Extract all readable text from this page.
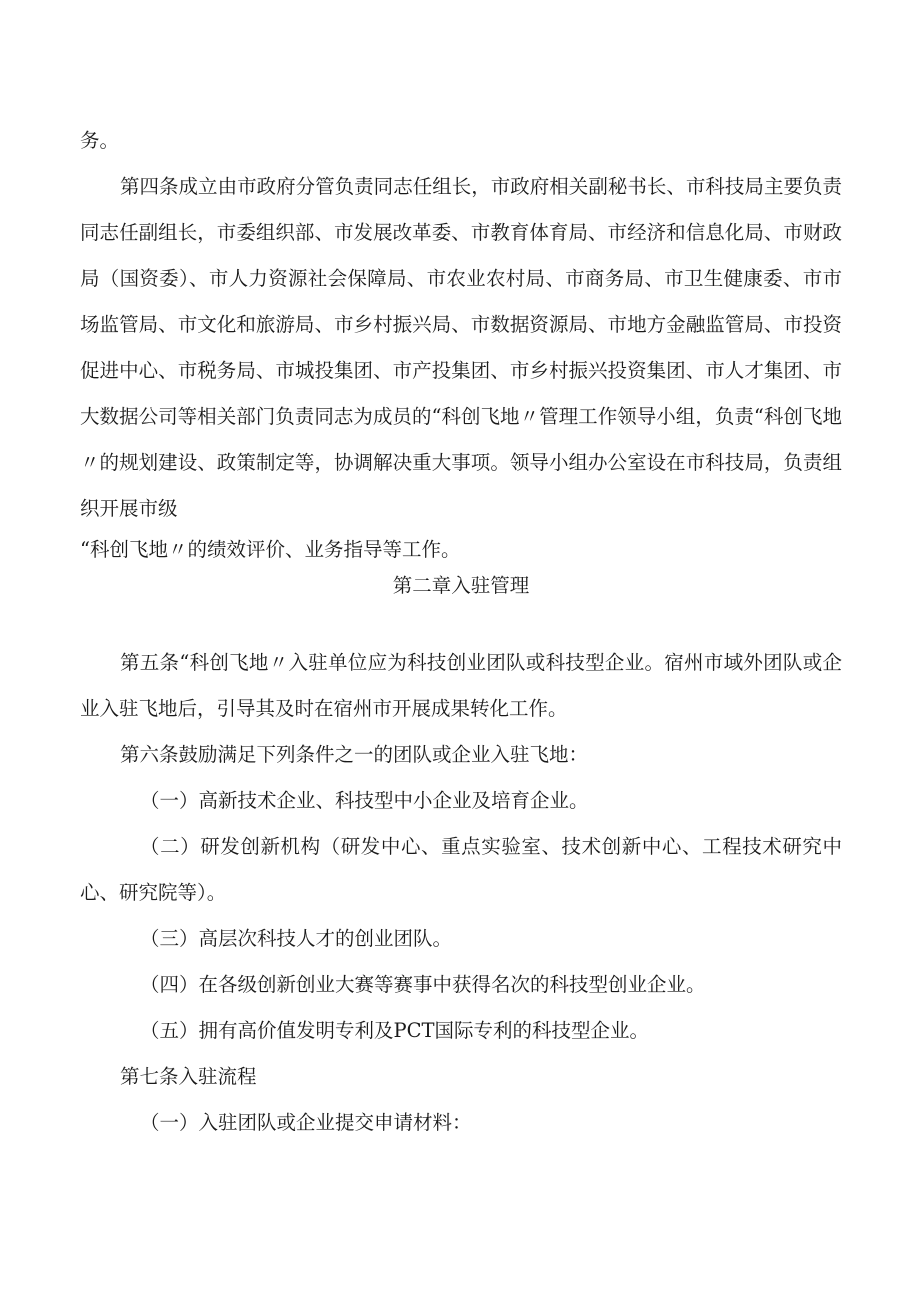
务。

第四条成立由市政府分管负责同志任组长，市政府相关副秘书长、市科技局主要负责同志任副组长，市委组织部、市发展改革委、市教育体育局、市经济和信息化局、市财政局（国资委）、市人力资源社会保障局、市农业农村局、市商务局、市卫生健康委、市市场监管局、市文化和旅游局、市乡村振兴局、市数据资源局、市地方金融监管局、市投资促进中心、市税务局、市城投集团、市产投集团、市乡村振兴投资集团、市人才集团、市大数据公司等相关部门负责同志为成员的“科创飞地〃管理工作领导小组，负责“科创飞地〃的规划建设、政策制定等，协调解决重大事项。领导小组办公室设在市科技局，负责组织开展市级

“科创飞地〃的绩效评价、业务指导等工作。

第二章入驻管理

第五条“科创飞地〃入驻单位应为科技创业团队或科技型企业。宿州市域外团队或企业入驻飞地后，引导其及时在宿州市开展成果转化工作。

第六条鼓励满足下列条件之一的团队或企业入驻飞地：

（一）高新技术企业、科技型中小企业及培育企业。

（二）研发创新机构（研发中心、重点实验室、技术创新中心、工程技术研究中心、研究院等）。

（三）高层次科技人才的创业团队。

（四）在各级创新创业大赛等赛事中获得名次的科技型创业企业。

（五）拥有高价值发明专利及PCT国际专利的科技型企业。

第七条入驻流程

（一）入驻团队或企业提交申请材料：
